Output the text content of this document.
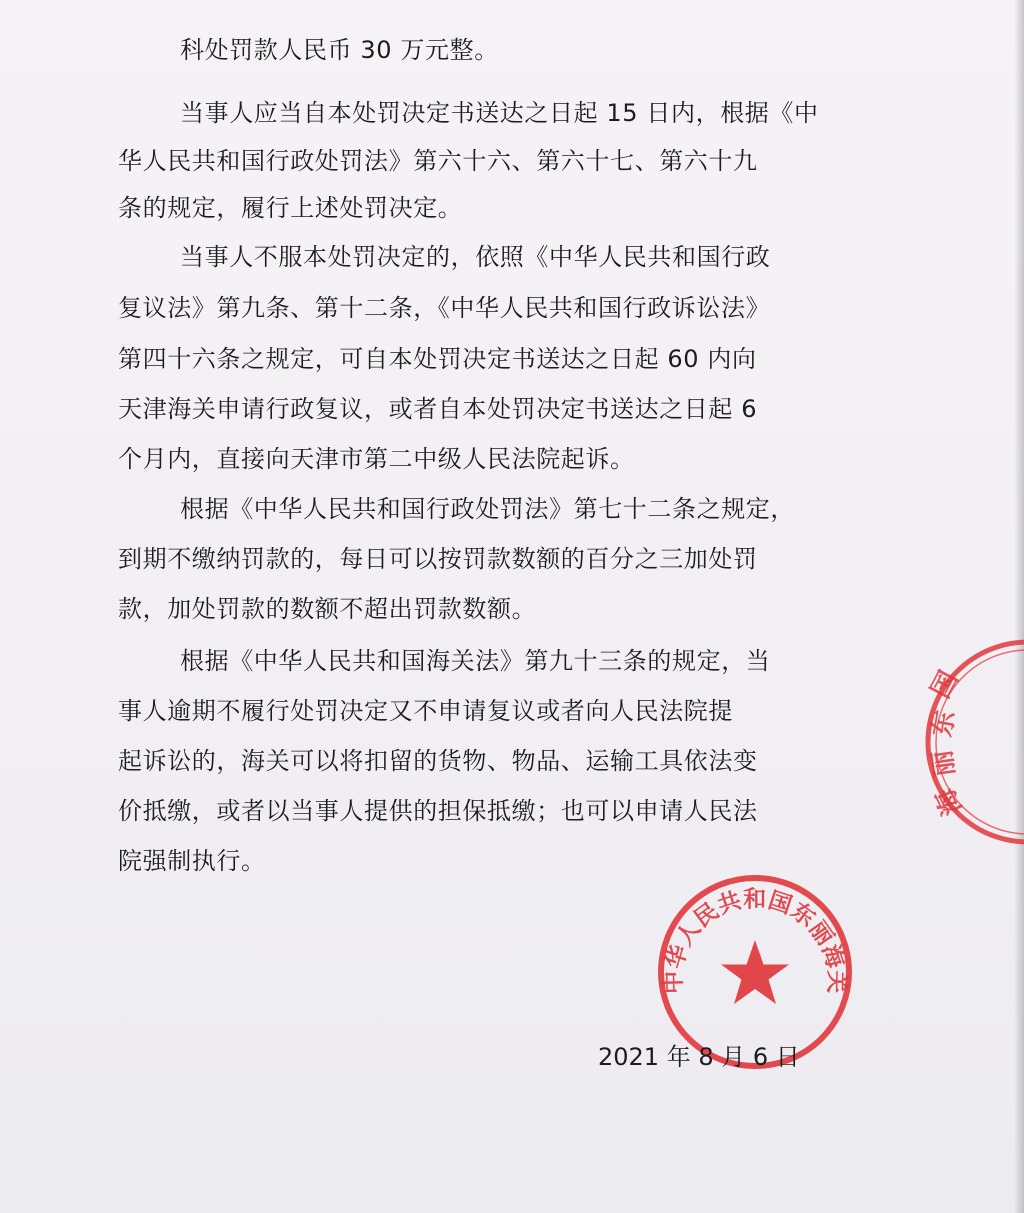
科处罚款人民币 30 万元整。
当事人应当自本处罚决定书送达之日起 15 日内，根据《中
华人民共和国行政处罚法》第六十六、第六十七、第六十九
条的规定，履行上述处罚决定。
当事人不服本处罚决定的，依照《中华人民共和国行政
复议法》第九条、第十二条，《中华人民共和国行政诉讼法》
第四十六条之规定，可自本处罚决定书送达之日起 60 内向
天津海关申请行政复议，或者自本处罚决定书送达之日起 6
个月内，直接向天津市第二中级人民法院起诉。
根据《中华人民共和国行政处罚法》第七十二条之规定，
到期不缴纳罚款的，每日可以按罚款数额的百分之三加处罚
款，加处罚款的数额不超出罚款数额。
根据《中华人民共和国海关法》第九十三条的规定，当
事人逾期不履行处罚决定又不申请复议或者向人民法院提
起诉讼的，海关可以将扣留的货物、物品、运输工具依法变
价抵缴，或者以当事人提供的担保抵缴；也可以申请人民法
院强制执行。
国
东
丽
海
中华人民共和国东丽海关
2021 年 8 月 6 日
